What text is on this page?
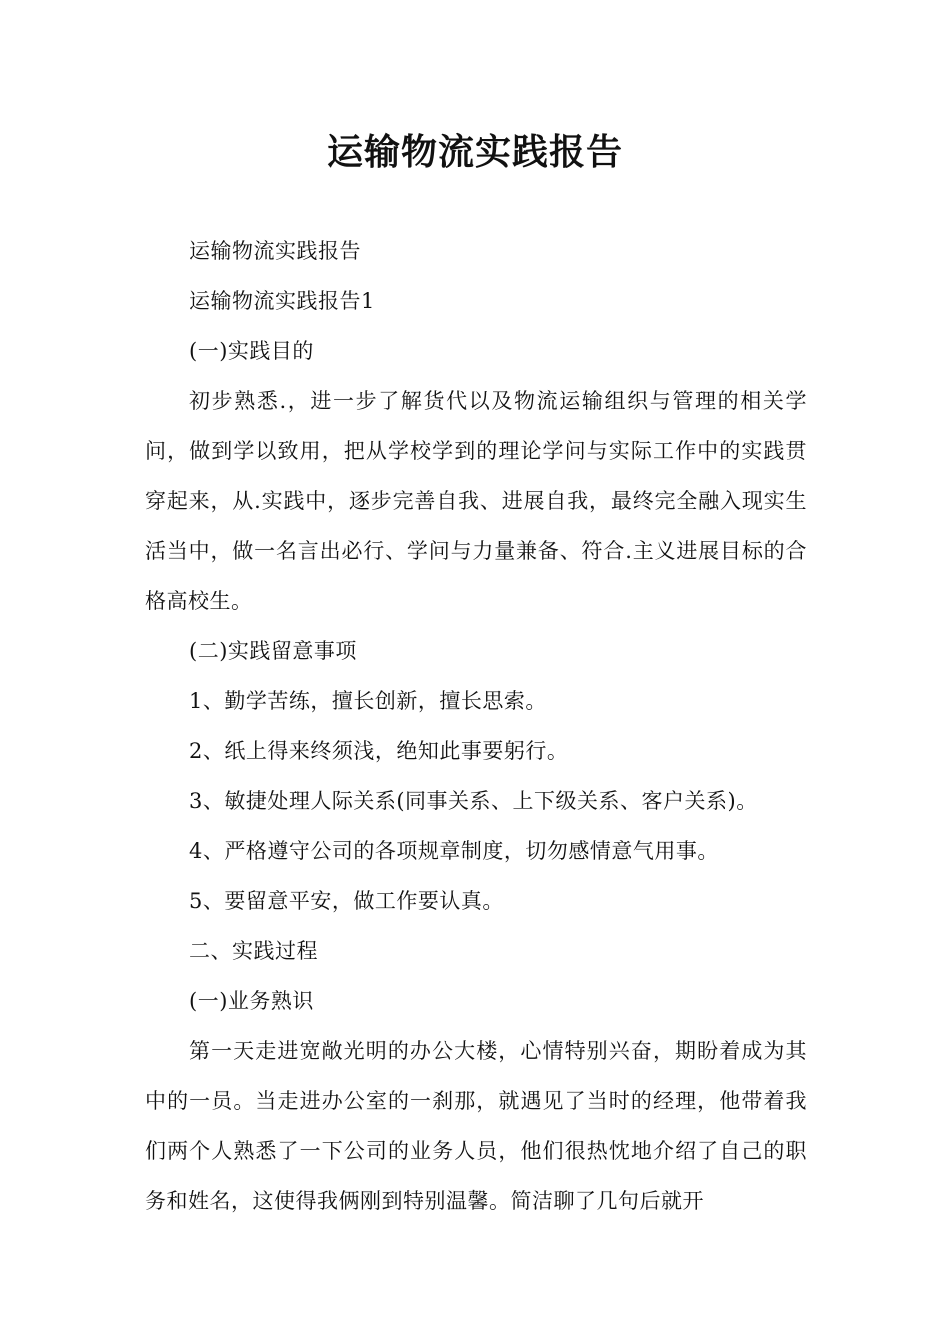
运输物流实践报告

运输物流实践报告

运输物流实践报告1

(一)实践目的

初步熟悉.，进一步了解货代以及物流运输组织与管理的相关学问，做到学以致用，把从学校学到的理论学问与实际工作中的实践贯穿起来，从.实践中，逐步完善自我、进展自我，最终完全融入现实生活当中，做一名言出必行、学问与力量兼备、符合.主义进展目标的合格高校生。

(二)实践留意事项

1、勤学苦练，擅长创新，擅长思索。

2、纸上得来终须浅，绝知此事要躬行。

3、敏捷处理人际关系(同事关系、上下级关系、客户关系)。

4、严格遵守公司的各项规章制度，切勿感情意气用事。

5、要留意平安，做工作要认真。

二、实践过程

(一)业务熟识

第一天走进宽敞光明的办公大楼，心情特别兴奋，期盼着成为其中的一员。当走进办公室的一刹那，就遇见了当时的经理，他带着我们两个人熟悉了一下公司的业务人员，他们很热忱地介绍了自己的职务和姓名，这使得我俩刚到特别温馨。简洁聊了几句后就开
